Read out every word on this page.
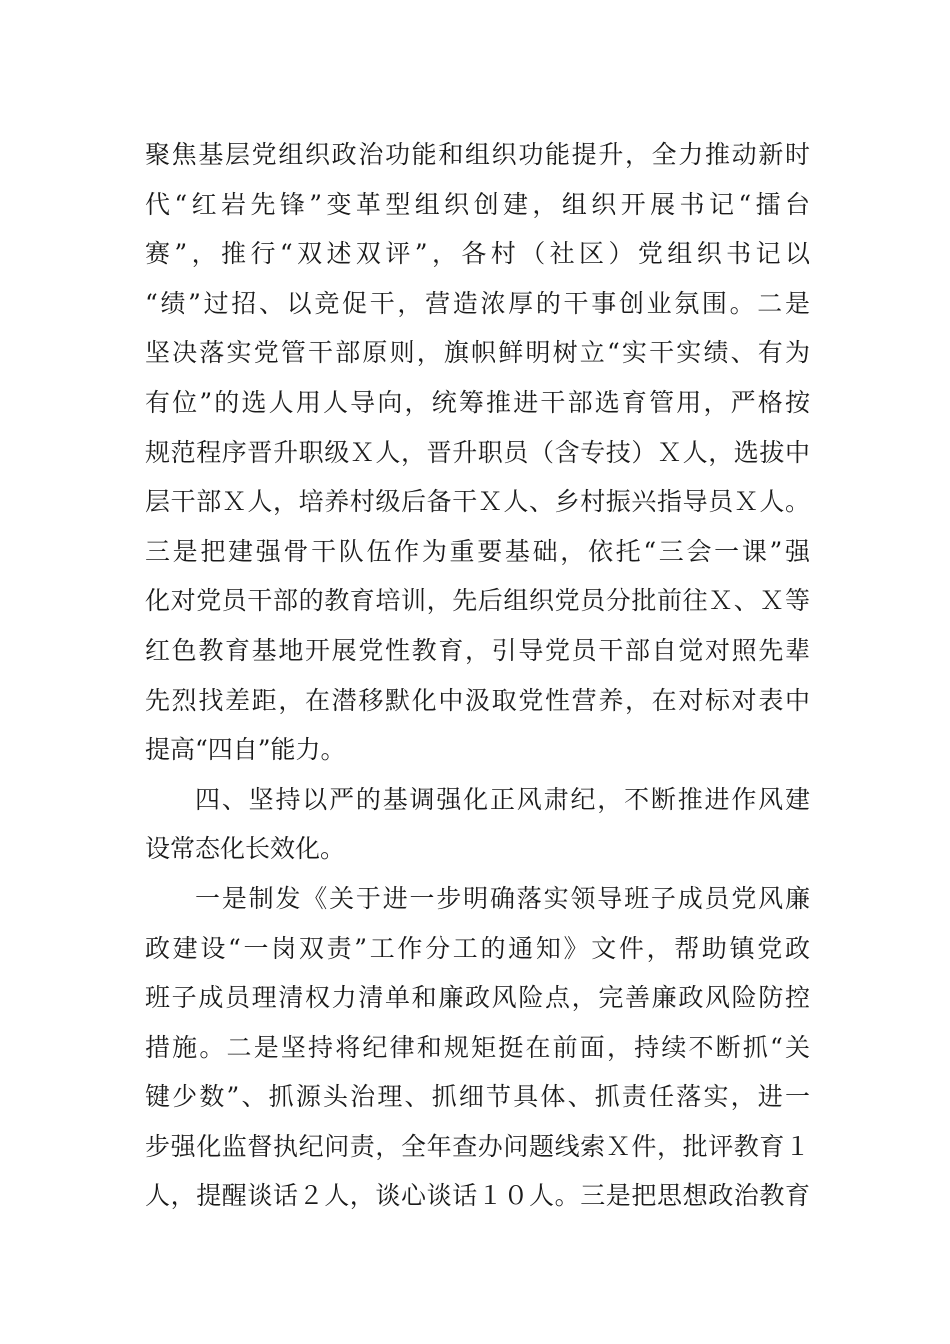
聚焦基层党组织政治功能和组织功能提升，全力推动新时
代“红岩先锋”变革型组织创建，组织开展书记“擂台
赛”，推行“双述双评”，各村（社区）党组织书记以
“绩”过招、以竞促干，营造浓厚的干事创业氛围。二是
坚决落实党管干部原则，旗帜鲜明树立“实干实绩、有为
有位”的选人用人导向，统筹推进干部选育管用，严格按
规范程序晋升职级Ｘ人，晋升职员（含专技）Ｘ人，选拔中
层干部Ｘ人，培养村级后备干Ｘ人、乡村振兴指导员Ｘ人。
三是把建强骨干队伍作为重要基础，依托“三会一课”强
化对党员干部的教育培训，先后组织党员分批前往Ｘ、Ｘ等
红色教育基地开展党性教育，引导党员干部自觉对照先辈
先烈找差距，在潜移默化中汲取党性营养，在对标对表中
提高“四自”能力。
四、坚持以严的基调强化正风肃纪，不断推进作风建
设常态化长效化。
一是制发《关于进一步明确落实领导班子成员党风廉
政建设“一岗双责”工作分工的通知》文件，帮助镇党政
班子成员理清权力清单和廉政风险点，完善廉政风险防控
措施。二是坚持将纪律和规矩挺在前面，持续不断抓“关
键少数”、抓源头治理、抓细节具体、抓责任落实，进一
步强化监督执纪问责，全年查办问题线索Ｘ件，批评教育１
人，提醒谈话２人，谈心谈话１０人。三是把思想政治教育
